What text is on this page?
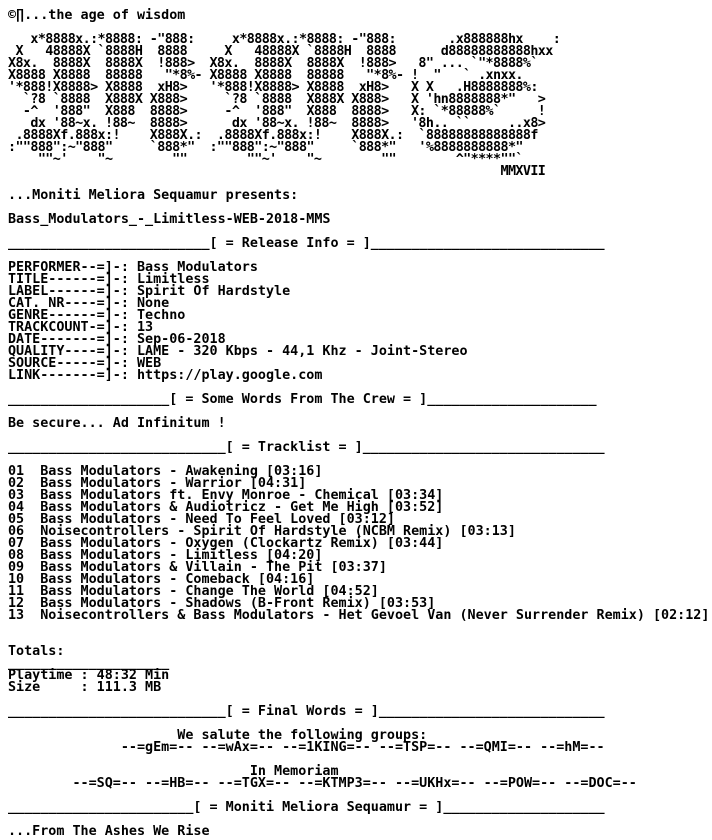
©∏...the age of wisdom

x*8888x.:*8888: -"888:     x*8888x.:*8888: -"888:       .x888888hx    :
X   48888X `8888H  8888     X   48888X `8888H  8888      d88888888888hxx
X8x.  8888X  8888X  !888>  X8x.  8888X  8888X  !888>   8" ... `"*8888%`
X8888 X8888  88888   "*8%- X8888 X8888  88888   "*8%- !  "   ` .xnxx.
'*888!X8888> X8888  xH8>   '*888!X8888> X8888  xH8>   X X   .H8888888%:
`?8 `8888  X888X X888>     `?8 `8888  X888X X888>   X 'hn8888888*"   >
-^  '888"  X888  8888>     -^  '888"  X888  8888>   X: `*88888%`     !
dx '88~x. !88~  8888>      dx '88~x. !88~  8888>   '8h.. ``     ..x8>
.8888Xf.888x:!    X888X.:  .8888Xf.888x:!    X888X.:  `88888888888888f
:""888":~"888"     `888*"  :""888":~"888"     `888*"   '%8888888888*"
""~'    "~        ""        ""~'    "~        ""        ^"****""`
MMXVII

...Moniti Meliora Sequamur presents:

Bass_Modulators_-_Limitless-WEB-2018-MMS

_________________________[ = Release Info = ]_____________________________

PERFORMER--=]-: Bass Modulators
TITLE------=]-: Limitless
LABEL------=]-: Spirit Of Hardstyle
CAT. NR----=]-: None
GENRE------=]-: Techno
TRACKCOUNT-=]-: 13
DATE-------=]-: Sep-06-2018
QUALITY----=]-: LAME - 320 Kbps - 44,1 Khz - Joint-Stereo
SOURCE-----=]-: WEB
LINK-------=]-: https://play.google.com

____________________[ = Some Words From The Crew = ]_____________________

Be secure... Ad Infinitum !

___________________________[ = Tracklist = ]______________________________

01 Bass Modulators - Awakening [03:16]
02 Bass Modulators - Warrior [04:31]
03 Bass Modulators ft. Envy Monroe - Chemical [03:34]
04 Bass Modulators & Audiotricz - Get Me High [03:52]
05 Bass Modulators - Need To Feel Loved [03:12]
06 Noisecontrollers - Spirit Of Hardstyle (NCBM Remix) [03:13]
07 Bass Modulators - Oxygen (Clockartz Remix) [03:44]
08 Bass Modulators - Limitless [04:20]
09 Bass Modulators & Villain - The Pit [03:37]
10 Bass Modulators - Comeback [04:16]
11 Bass Modulators - Change The World [04:52]
12 Bass Modulators - Shadows (B-Front Remix) [03:53]
13 Noisecontrollers & Bass Modulators - Het Gevoel Van (Never Surrender Remix) [02:12]

Totals:
____________________
Playtime : 48:32 Min
Size     : 111.3 MB

___________________________[ = Final Words = ]____________________________

We salute the following groups:
--=gEm=-- --=wAx=-- --=1KING=-- --=TSP=-- --=QMI=-- --=hM=--

In Memoriam
--=SQ=-- --=HB=-- --=TGX=-- --=KTMP3=-- --=UKHx=-- --=POW=-- --=DOC=--

_______________________[ = Moniti Meliora Sequamur = ]____________________

...From The Ashes We Rise
